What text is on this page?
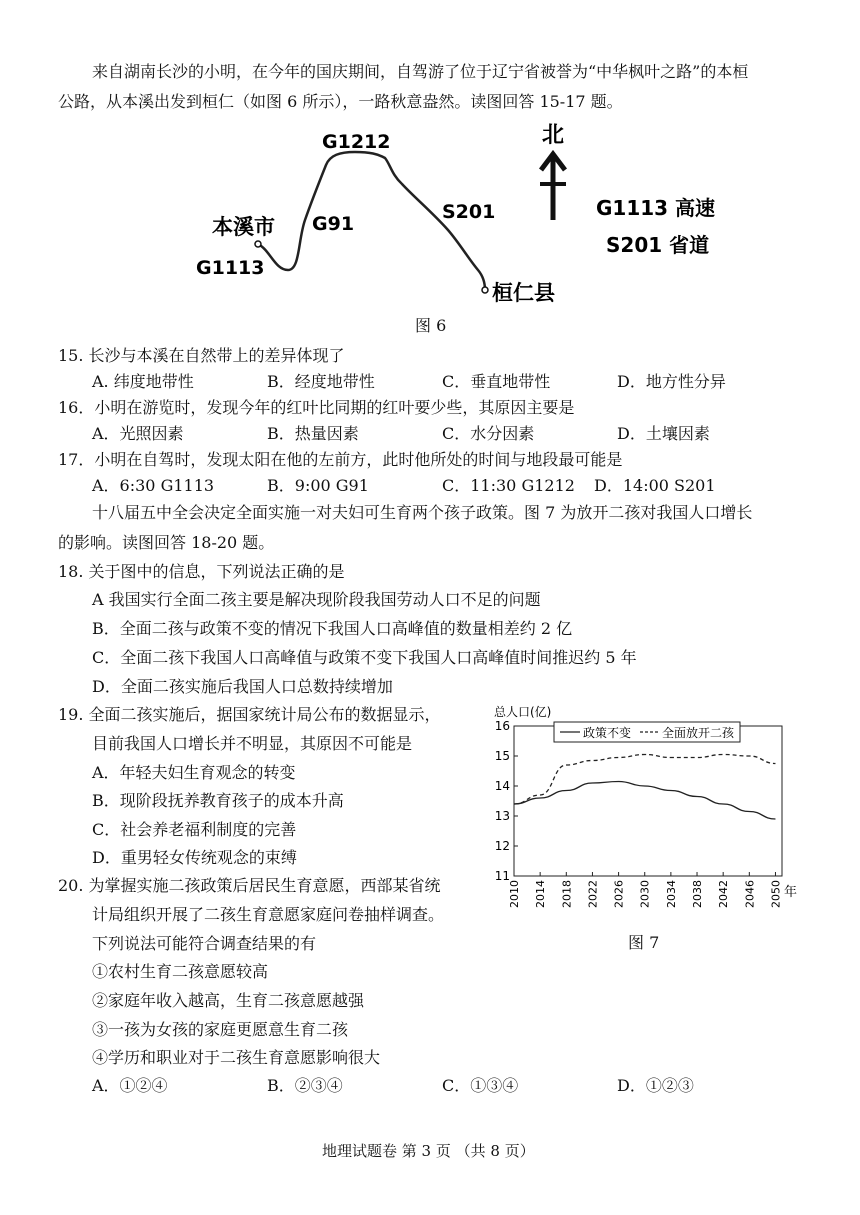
来自湖南长沙的小明，在今年的国庆期间，自驾游了位于辽宁省被誉为“中华枫叶之路”的本桓
公路，从本溪出发到桓仁（如图 6 所示），一路秋意盎然。读图回答 15-17 题。
G1212
G91
S201
G1113
本溪市
桓仁县
北
G1113 高速
S201 省道
图 6
15. 长沙与本溪在自然带上的差异体现了
A. 纬度地带性	B．经度地带性	C．垂直地带性	D．地方性分异
16．小明在游览时，发现今年的红叶比同期的红叶要少些，其原因主要是
A．光照因素	B．热量因素	C．水分因素	D．土壤因素
17．小明在自驾时，发现太阳在他的左前方，此时他所处的时间与地段最可能是
A．6:30 G1113	B．9:00 G91	C．11:30 G1212 D．14:00 S201
十八届五中全会决定全面实施一对夫妇可生育两个孩子政策。图 7 为放开二孩对我国人口增长
的影响。读图回答 18-20 题。
18. 关于图中的信息，下列说法正确的是
A 我国实行全面二孩主要是解决现阶段我国劳动人口不足的问题
B．全面二孩与政策不变的情况下我国人口高峰值的数量相差约 2 亿
C．全面二孩下我国人口高峰值与政策不变下我国人口高峰值时间推迟约 5 年
D．全面二孩实施后我国人口总数持续增加
19. 全面二孩实施后，据国家统计局公布的数据显示，
目前我国人口增长并不明显，其原因不可能是
A．年轻夫妇生育观念的转变
B．现阶段抚养教育孩子的成本升高
C．社会养老福利制度的完善
D．重男轻女传统观念的束缚
20. 为掌握实施二孩政策后居民生育意愿，西部某省统
计局组织开展了二孩生育意愿家庭问卷抽样调查。
下列说法可能符合调查结果的有
①农村生育二孩意愿较高
②家庭年收入越高，生育二孩意愿越强
③一孩为女孩的家庭更愿意生育二孩
④学历和职业对于二孩生育意愿影响很大
A．①②④	B．②③④	C．①③④	D．①②③
总人口(亿)
11
12
13
14
15
16
2010 2014 2018 2022 2026 2030 2034 2038 2042 2046 2050
政策不变	全面放开二孩
年
图 7
地理试题卷 第 3 页 （共 8 页）
